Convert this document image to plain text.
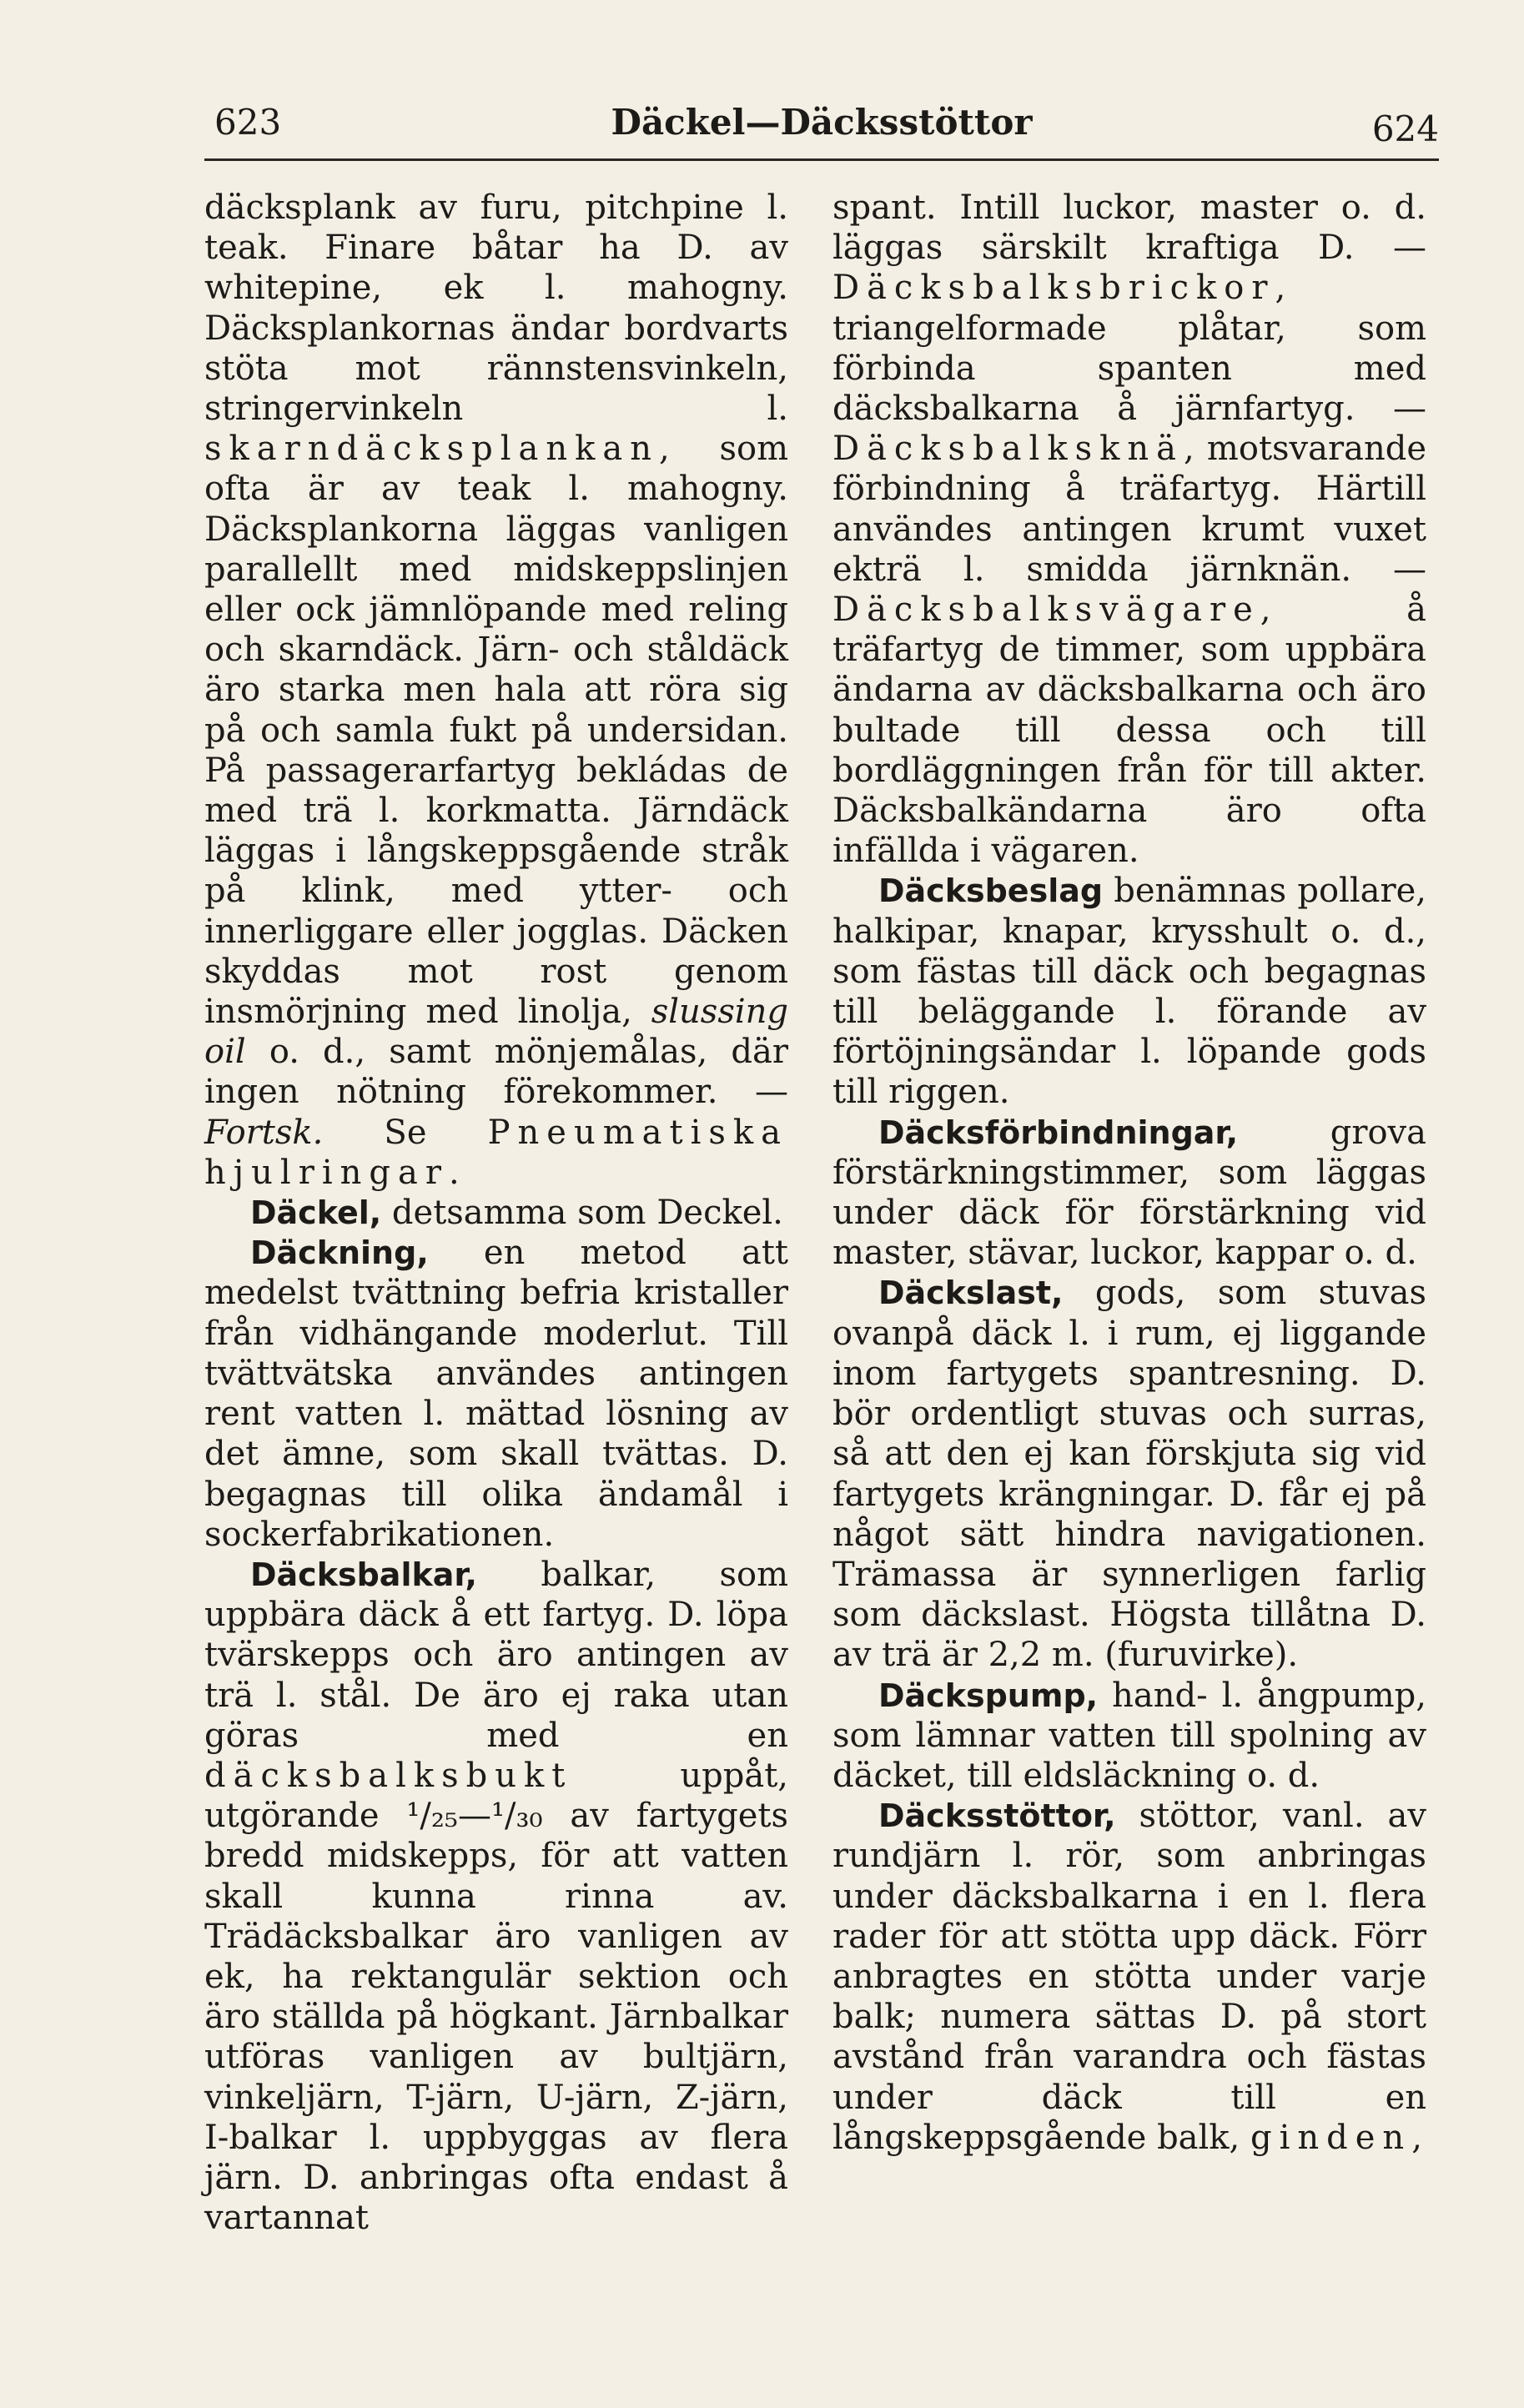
623	Däckel—Däcksstöttor	624

däcksplank av furu, pitchpine l. teak. Finare båtar ha D. av whitepine, ek l. mahogny. Däcksplankornas ändar bordvarts stöta mot rännstensvinkeln, stringervinkeln l. skarndäcksplankan, som ofta är av teak l. mahogny. Däcksplankorna läggas vanligen parallellt med midskeppslinjen eller ock jämnlöpande med reling och skarndäck. Järn- och ståldäck äro starka men hala att röra sig på och samla fukt på undersidan. På passagerarfartyg bekládas de med trä l. korkmatta. Järndäck läggas i långskeppsgående stråk på klink, med ytter- och innerliggare eller jogglas. Däcken skyddas mot rost genom insmörjning med linolja, slussing oil o. d., samt mönjemålas, där ingen nötning förekommer. — Fortsk. Se Pneumatiska hjulringar.

Däckel, detsamma som Deckel.

Däckning, en metod att medelst tvättning befria kristaller från vidhängande moderlut. Till tvättvätska användes antingen rent vatten l. mättad lösning av det ämne, som skall tvättas. D. begagnas till olika ändamål i sockerfabrikationen.

Däcksbalkar, balkar, som uppbära däck å ett fartyg. D. löpa tvärskepps och äro antingen av trä l. stål. De äro ej raka utan göras med en däcksbalksbukt uppåt, utgörande ¹/₂₅—¹/₃₀ av fartygets bredd midskepps, för att vatten skall kunna rinna av. Trädäcksbalkar äro vanligen av ek, ha rektangulär sektion och äro ställda på högkant. Järnbalkar utföras vanligen av bultjärn, vinkeljärn, T-järn, U-järn, Z-järn, I-balkar l. uppbyggas av flera järn. D. anbringas ofta endast å vartannat

spant. Intill luckor, master o. d. läggas särskilt kraftiga D. — Däcksbalksbrickor, triangelformade plåtar, som förbinda spanten med däcksbalkarna å järnfartyg. — Däcksbalksknä, motsvarande förbindning å träfartyg. Härtill användes antingen krumt vuxet ekträ l. smidda järnknän. — Däcksbalksvägare, å träfartyg de timmer, som uppbära ändarna av däcksbalkarna och äro bultade till dessa och till bordläggningen från för till akter. Däcksbalkändarna äro ofta infällda i vägaren.

Däcksbeslag benämnas pollare, halkipar, knapar, krysshult o. d., som fästas till däck och begagnas till beläggande l. förande av förtöjningsändar l. löpande gods till riggen.

Däcksförbindningar, grova förstärkningstimmer, som läggas under däck för förstärkning vid master, stävar, luckor, kappar o. d.

Däckslast, gods, som stuvas ovanpå däck l. i rum, ej liggande inom fartygets spantresning. D. bör ordentligt stuvas och surras, så att den ej kan förskjuta sig vid fartygets krängningar. D. får ej på något sätt hindra navigationen. Trämassa är synnerligen farlig som däckslast. Högsta tillåtna D. av trä är 2,2 m. (furuvirke).

Däckspump, hand- l. ångpump, som lämnar vatten till spolning av däcket, till eldsläckning o. d.

Däcksstöttor, stöttor, vanl. av rundjärn l. rör, som anbringas under däcksbalkarna i en l. flera rader för att stötta upp däck. Förr anbragtes en stötta under varje balk; numera sättas D. på stort avstånd från varandra och fästas under däck till en långskeppsgående balk, ginden,
